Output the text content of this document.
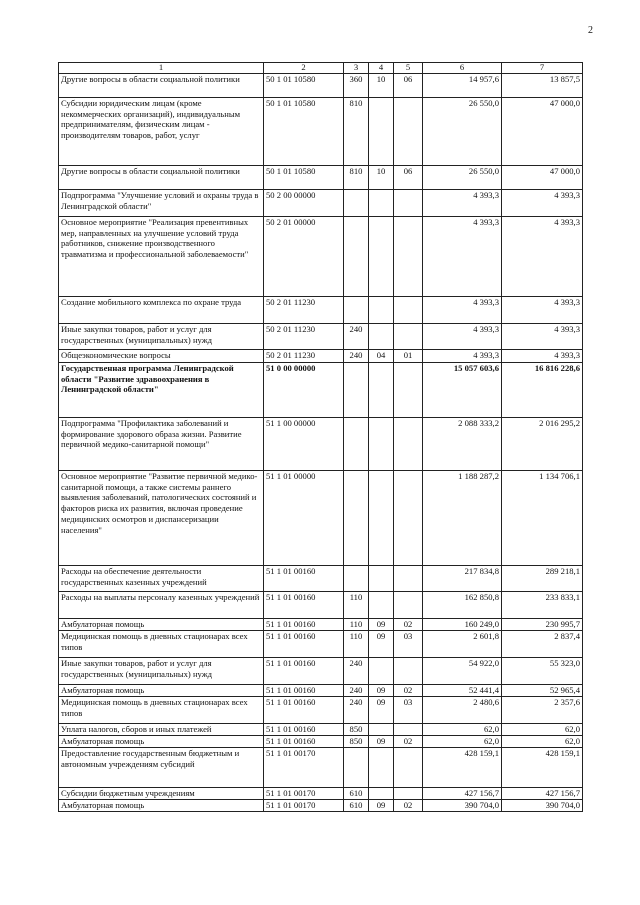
2
1	2	3	4	5	6	7
Другие вопросы в области социальной политики	50 1 01 10580	360	10	06	14 957,6	13 857,5
Субсидии юридическим лицам (кроме некоммерческих организаций), индивидуальным предпринимателям, физическим лицам - производителям товаров, работ, услуг	50 1 01 10580	810			26 550,0	47 000,0
Другие вопросы в области социальной политики	50 1 01 10580	810	10	06	26 550,0	47 000,0
Подпрограмма "Улучшение условий и охраны труда в Ленинградской области"	50 2 00 00000				4 393,3	4 393,3
Основное мероприятие "Реализация превентивных мер, направленных на улучшение условий труда работников, снижение производственного травматизма и профессиональной заболеваемости"	50 2 01 00000				4 393,3	4 393,3
Создание мобильного комплекса по охране труда	50 2 01 11230				4 393,3	4 393,3
Иные закупки товаров, работ и услуг для государственных (муниципальных) нужд	50 2 01 11230	240			4 393,3	4 393,3
Общеэкономические вопросы	50 2 01 11230	240	04	01	4 393,3	4 393,3
Государственная программа Ленинградской области "Развитие здравоохранения в Ленинградской области"	51 0 00 00000				15 057 603,6	16 816 228,6
Подпрограмма "Профилактика заболеваний и формирование здорового образа жизни. Развитие первичной медико-санитарной помощи"	51 1 00 00000				2 088 333,2	2 016 295,2
Основное мероприятие "Развитие первичной медико-санитарной помощи, а также системы раннего выявления заболеваний, патологических состояний и факторов риска их развития, включая проведение медицинских осмотров и диспансеризации населения"	51 1 01 00000				1 188 287,2	1 134 706,1
Расходы на обеспечение деятельности государственных казенных учреждений	51 1 01 00160				217 834,8	289 218,1
Расходы на выплаты персоналу казенных учреждений	51 1 01 00160	110			162 850,8	233 833,1
Амбулаторная помощь	51 1 01 00160	110	09	02	160 249,0	230 995,7
Медицинская помощь в дневных стационарах всех типов	51 1 01 00160	110	09	03	2 601,8	2 837,4
Иные закупки товаров, работ и услуг для государственных (муниципальных) нужд	51 1 01 00160	240			54 922,0	55 323,0
Амбулаторная помощь	51 1 01 00160	240	09	02	52 441,4	52 965,4
Медицинская помощь в дневных стационарах всех типов	51 1 01 00160	240	09	03	2 480,6	2 357,6
Уплата налогов, сборов и иных платежей	51 1 01 00160	850			62,0	62,0
Амбулаторная помощь	51 1 01 00160	850	09	02	62,0	62,0
Предоставление государственным бюджетным и автономным учреждениям субсидий	51 1 01 00170				428 159,1	428 159,1
Субсидии бюджетным учреждениям	51 1 01 00170	610			427 156,7	427 156,7
Амбулаторная помощь	51 1 01 00170	610	09	02	390 704,0	390 704,0
